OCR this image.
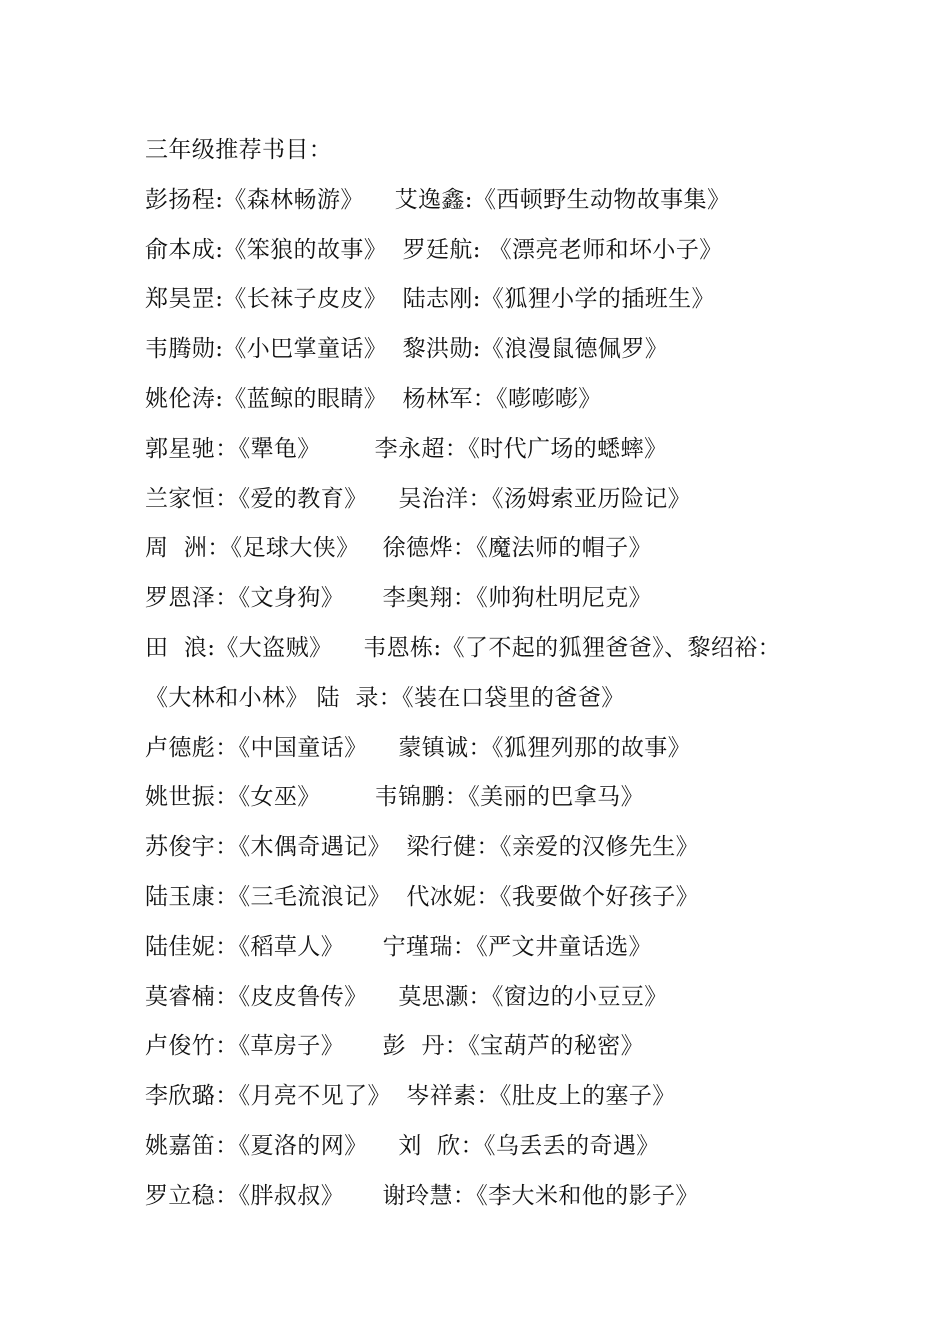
三年级推荐书目：
彭扬程:《森林畅游》    艾逸鑫:《西顿野生动物故事集》
俞本成:《笨狼的故事》  罗廷航: 《漂亮老师和坏小子》
郑昊罡:《长袜子皮皮》  陆志刚:《狐狸小学的插班生》
韦腾勋:《小巴掌童话》  黎洪勋:《浪漫鼠德佩罗》
姚伦涛:《蓝鲸的眼睛》  杨林军：《嘭嘭嘭》
郭星驰：《犟龟》       李永超：《时代广场的蟋蟀》
兰家恒：《爱的教育》    吴治洋：《汤姆索亚历险记》
周  洲：《足球大侠》   徐德烨：《魔法师的帽子》
罗恩泽：《文身狗》     李奥翔：《帅狗杜明尼克》
田  浪:《大盗贼》    韦恩栋:《了不起的狐狸爸爸》、黎绍裕：
《大林和小林》 陆  录：《装在口袋里的爸爸》
卢德彪：《中国童话》    蒙镇诚：《狐狸列那的故事》
姚世振：《女巫》       韦锦鹏：《美丽的巴拿马》
苏俊宇：《木偶奇遇记》  梁行健：《亲爱的汉修先生》
陆玉康：《三毛流浪记》  代冰妮：《我要做个好孩子》
陆佳妮：《稻草人》     宁瑾瑞：《严文井童话选》
莫睿楠：《皮皮鲁传》    莫思灏：《窗边的小豆豆》
卢俊竹：《草房子》     彭  丹：《宝葫芦的秘密》
李欣璐：《月亮不见了》  岑祥素：《肚皮上的塞子》
姚嘉笛：《夏洛的网》    刘  欣：《乌丢丢的奇遇》
罗立稳：《胖叔叔》     谢玲慧：《李大米和他的影子》
